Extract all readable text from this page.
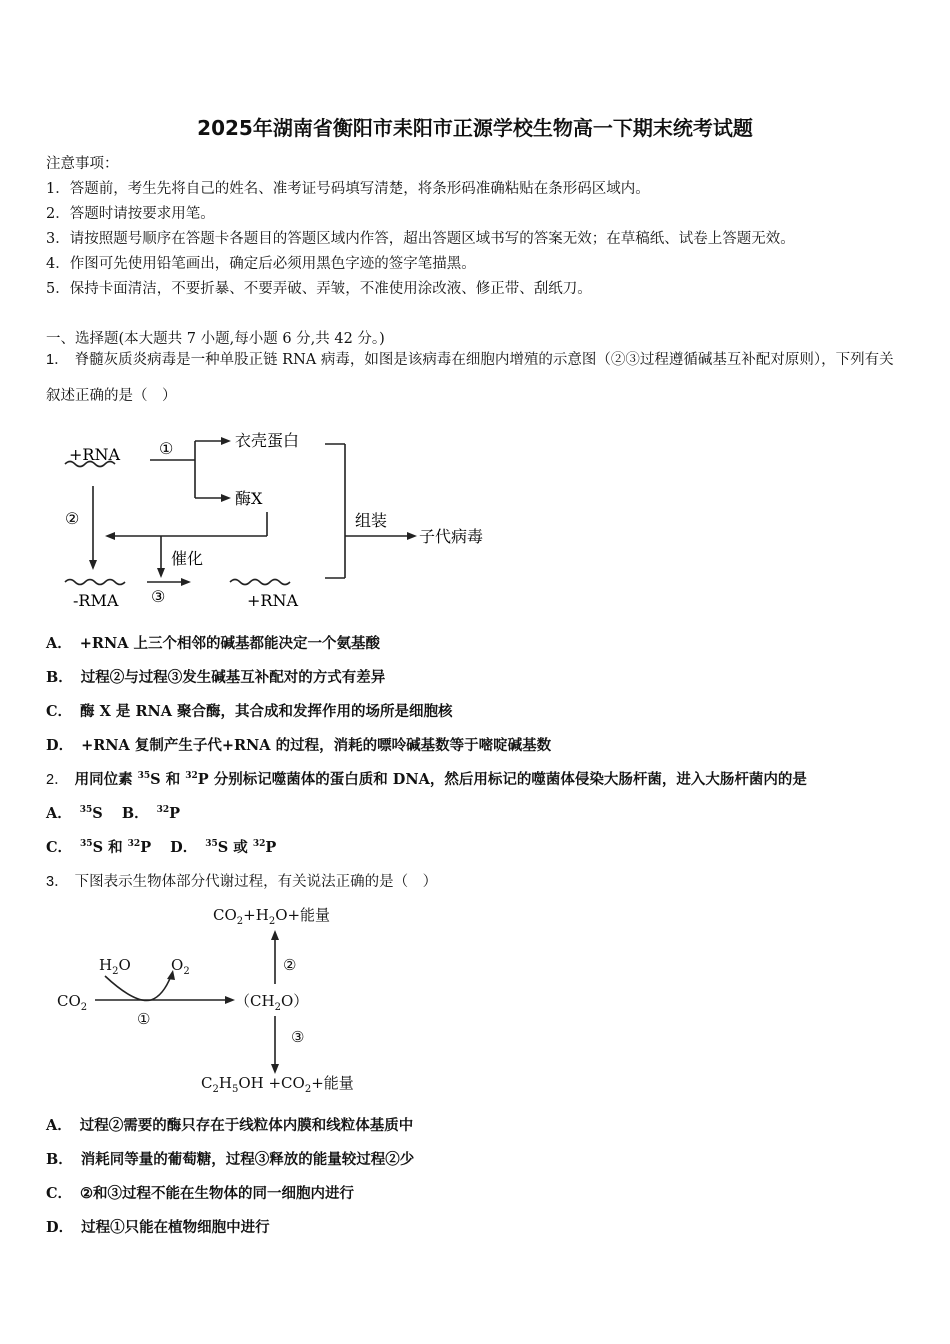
2025年湖南省衡阳市耒阳市正源学校生物高一下期末统考试题
注意事项：
1．答题前，考生先将自己的姓名、准考证号码填写清楚，将条形码准确粘贴在条形码区域内。
2．答题时请按要求用笔。
3．请按照题号顺序在答题卡各题目的答题区域内作答，超出答题区域书写的答案无效；在草稿纸、试卷上答题无效。
4．作图可先使用铅笔画出，确定后必须用黑色字迹的签字笔描黑。
5．保持卡面清洁，不要折暴、不要弄破、弄皱，不准使用涂改液、修正带、刮纸刀。
一、选择题(本大题共 7 小题,每小题 6 分,共 42 分。)
1． 脊髓灰质炎病毒是一种单股正链 RNA 病毒，如图是该病毒在细胞内增殖的示意图（②③过程遵循碱基互补配对原则），下列有关叙述正确的是（　）
+RNA ①	衣壳蛋白
酶X
②
催化
组装
子代病毒
-RMA ③	+RNA
A． +RNA 上三个相邻的碱基都能决定一个氨基酸
B． 过程②与过程③发生碱基互补配对的方式有差异
C． 酶 X 是 RNA 聚合酶，其合成和发挥作用的场所是细胞核
D． +RNA 复制产生子代+RNA 的过程，消耗的嘌呤碱基数等于嘧啶碱基数
2． 用同位素 $^{35}$S 和 $^{32}$P 分别标记噬菌体的蛋白质和 DNA，然后用标记的噬菌体侵染大肠杆菌，进入大肠杆菌内的是
A． $^{35}$S B． $^{32}$P
C． $^{35}$S 和 $^{32}$P D． $^{35}$S 或 $^{32}$P
3． 下图表示生物体部分代谢过程，有关说法正确的是（　）
$CO_2+H_2O+$能量
$H_2O$	$O_2$
$CO_2$
①
$(CH_2O)$
②
③
$C_2H_5OH +CO_2+$能量
A． 过程②需要的酶只存在于线粒体内膜和线粒体基质中
B． 消耗同等量的葡萄糖，过程③释放的能量较过程②少
C． ②和③过程不能在生物体的同一细胞内进行
D． 过程①只能在植物细胞中进行
